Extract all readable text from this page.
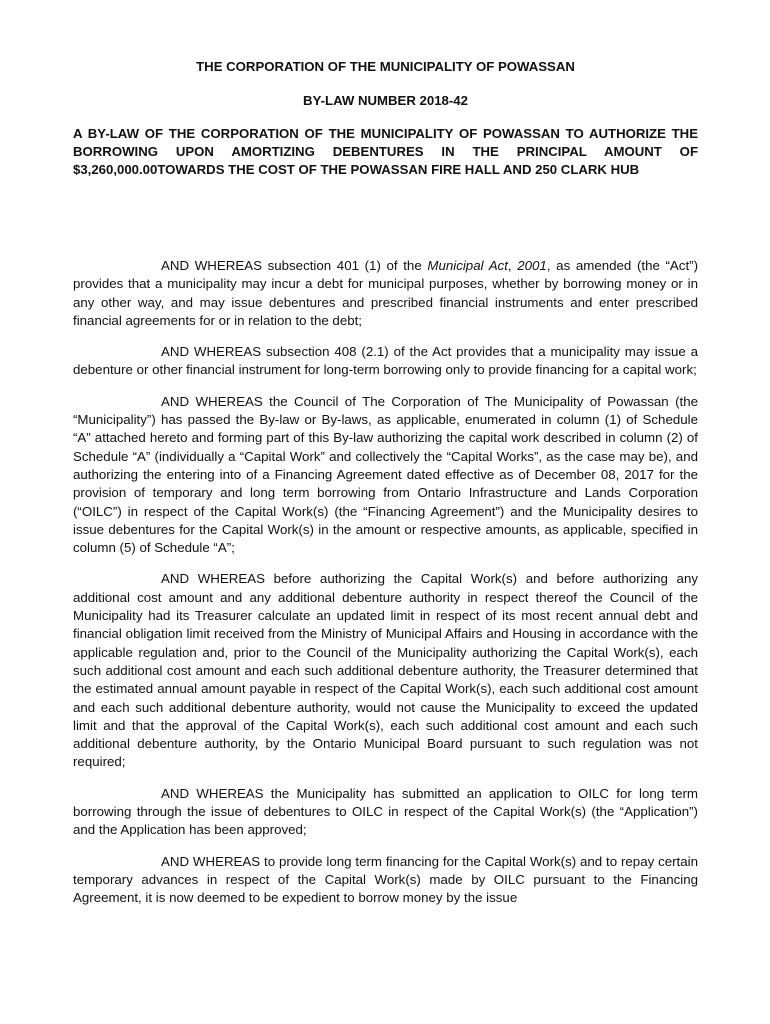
THE CORPORATION OF THE MUNICIPALITY OF POWASSAN

BY-LAW NUMBER 2018-42

A BY-LAW OF THE CORPORATION OF THE MUNICIPALITY OF POWASSAN TO AUTHORIZE THE BORROWING UPON AMORTIZING DEBENTURES IN THE PRINCIPAL AMOUNT OF $3,260,000.00TOWARDS THE COST OF THE POWASSAN FIRE HALL AND 250 CLARK HUB

AND WHEREAS subsection 401 (1) of the Municipal Act, 2001, as amended (the “Act”) provides that a municipality may incur a debt for municipal purposes, whether by borrowing money or in any other way, and may issue debentures and prescribed financial instruments and enter prescribed financial agreements for or in relation to the debt;

AND WHEREAS subsection 408 (2.1) of the Act provides that a municipality may issue a debenture or other financial instrument for long-term borrowing only to provide financing for a capital work;

AND WHEREAS the Council of The Corporation of The Municipality of Powassan (the “Municipality”) has passed the By-law or By-laws, as applicable, enumerated in column (1) of Schedule “A” attached hereto and forming part of this By-law authorizing the capital work described in column (2) of Schedule “A” (individually a “Capital Work” and collectively the “Capital Works”, as the case may be), and authorizing the entering into of a Financing Agreement dated effective as of December 08, 2017 for the provision of temporary and long term borrowing from Ontario Infrastructure and Lands Corporation (“OILC”) in respect of the Capital Work(s) (the “Financing Agreement”) and the Municipality desires to issue debentures for the Capital Work(s) in the amount or respective amounts, as applicable, specified in column (5) of Schedule “A”;

AND WHEREAS before authorizing the Capital Work(s) and before authorizing any additional cost amount and any additional debenture authority in respect thereof the Council of the Municipality had its Treasurer calculate an updated limit in respect of its most recent annual debt and financial obligation limit received from the Ministry of Municipal Affairs and Housing in accordance with the applicable regulation and, prior to the Council of the Municipality authorizing the Capital Work(s), each such additional cost amount and each such additional debenture authority, the Treasurer determined that the estimated annual amount payable in respect of the Capital Work(s), each such additional cost amount and each such additional debenture authority, would not cause the Municipality to exceed the updated limit and that the approval of the Capital Work(s), each such additional cost amount and each such additional debenture authority, by the Ontario Municipal Board pursuant to such regulation was not required;

AND WHEREAS the Municipality has submitted an application to OILC for long term borrowing through the issue of debentures to OILC in respect of the Capital Work(s) (the “Application”) and the Application has been approved;

AND WHEREAS to provide long term financing for the Capital Work(s) and to repay certain temporary advances in respect of the Capital Work(s) made by OILC pursuant to the Financing Agreement, it is now deemed to be expedient to borrow money by the issue
